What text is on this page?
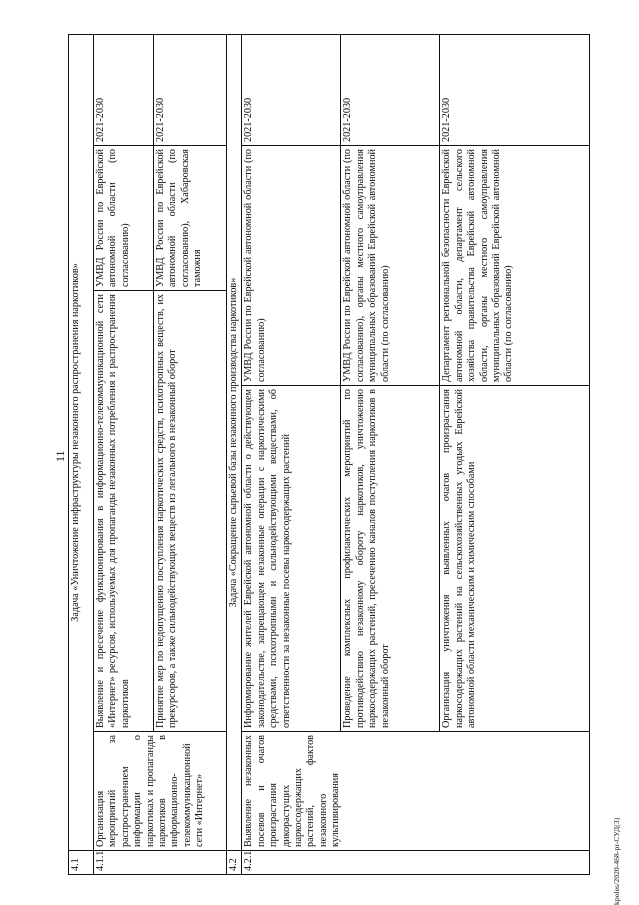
11
4.1	Задача «Уничтожение инфраструктуры незаконного распространения наркотиков»				
4.1.1	Организация мероприятий за распространением информации о наркотиках и пропаганды наркотиков в информационно-телекоммуникационной сети «Интернет»	Выявление и пресечение функционирования в информационно-телекоммуникационной сети «Интернет» ресурсов, используемых для пропаганды незаконных потребления и распространения наркотиков		УМВД России по Еврейской автономной области (по согласованию)	2021-2030
		Принятие мер по недопущению поступления наркотических средств, психотропных веществ, их прекурсоров, а также сильнодействующих веществ из легального в незаконный оборот		УМВД России по Еврейской автономной области (по согласованию), Хабаровская таможня	2021-2030
4.2	Задача «Сокращение сырьевой базы незаконного производства наркотиков»				
4.2.1	Выявление незаконных посевов и очагов произрастания дикорастущих наркосодержащих растений, фактов незаконного культивирования	Информирование жителей Еврейской автономной области о действующем законодательстве, запрещающем незаконные операции с наркотическими средствами, психотропными и сильнодействующими веществами, об ответственности за незаконные посевы наркосодержащих растений	УМВД России по Еврейской автономной области (по согласованию)		2021-2030
		Проведение комплексных профилактических мероприятий по противодействию незаконному обороту наркотиков, уничтожению наркосодержащих растений, пресечению каналов поступления наркотиков в незаконный оборот	УМВД России по Еврейской автономной области (по согласованию), органы местного самоуправления муниципальных образований Еврейской автономной области (по согласованию)		2021-2030
		Организация уничтожения выявленных очагов произрастания наркосодержащих растений на сельскохозяйственных угодьях Еврейской автономной области механическим и химическим способами	Департамент региональной безопасности Еврейской автономной области, департамент сельского хозяйства правительства Еврейской автономной области, органы местного самоуправления муниципальных образований Еврейской автономной области (по согласованию)		2021-2030
kpoles/2020-468-pr-СУД(3)
